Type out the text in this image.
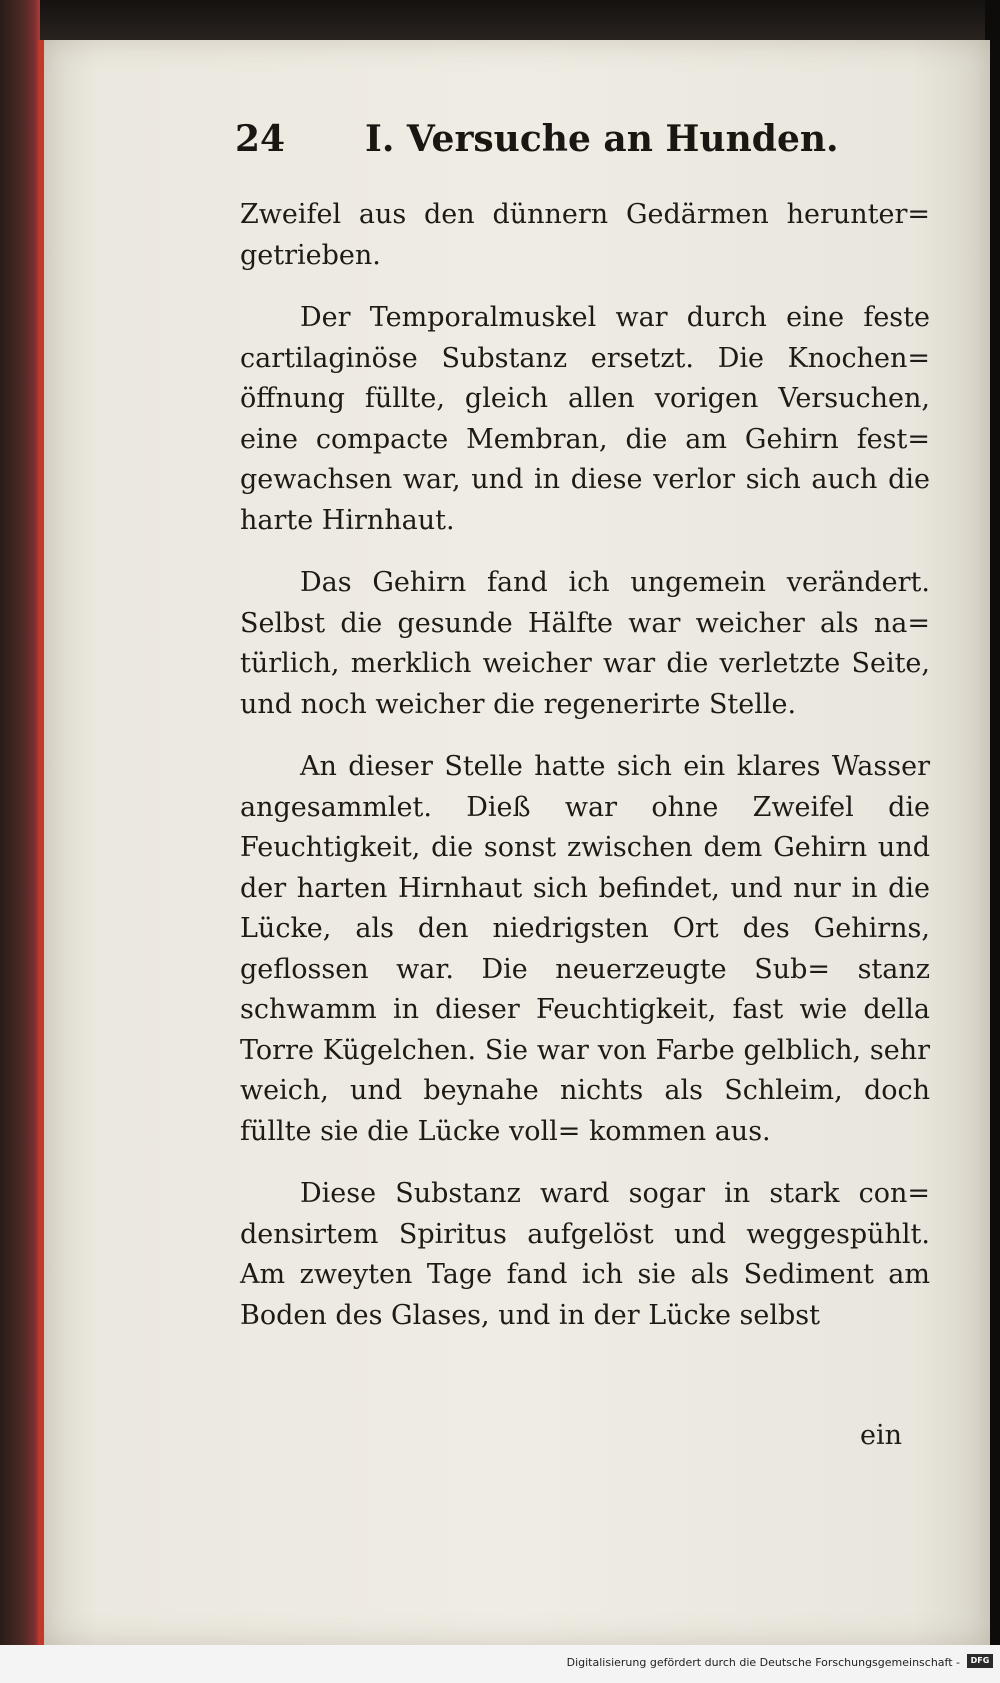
24 I. Versuche an Hunden.

Zweifel aus den dünnern Gedärmen herunter= getrieben.

Der Temporalmuskel war durch eine feste cartilaginöse Substanz ersetzt. Die Knochen= öffnung füllte, gleich allen vorigen Versuchen, eine compacte Membran, die am Gehirn fest= gewachsen war, und in diese verlor sich auch die harte Hirnhaut.

Das Gehirn fand ich ungemein verändert. Selbst die gesunde Hälfte war weicher als na= türlich, merklich weicher war die verletzte Seite, und noch weicher die regenerirte Stelle.

An dieser Stelle hatte sich ein klares Wasser angesammlet. Dieß war ohne Zweifel die Feuchtigkeit, die sonst zwischen dem Gehirn und der harten Hirnhaut sich befindet, und nur in die Lücke, als den niedrigsten Ort des Gehirns, geflossen war. Die neuerzeugte Sub= stanz schwamm in dieser Feuchtigkeit, fast wie della Torre Kügelchen. Sie war von Farbe gelblich, sehr weich, und beynahe nichts als Schleim, doch füllte sie die Lücke voll= kommen aus.

Diese Substanz ward sogar in stark con= densirtem Spiritus aufgelöst und weggespühlt. Am zweyten Tage fand ich sie als Sediment am Boden des Glases, und in der Lücke selbst

ein
Digitalisierung gefördert durch die Deutsche Forschungsgemeinschaft -	DFG
